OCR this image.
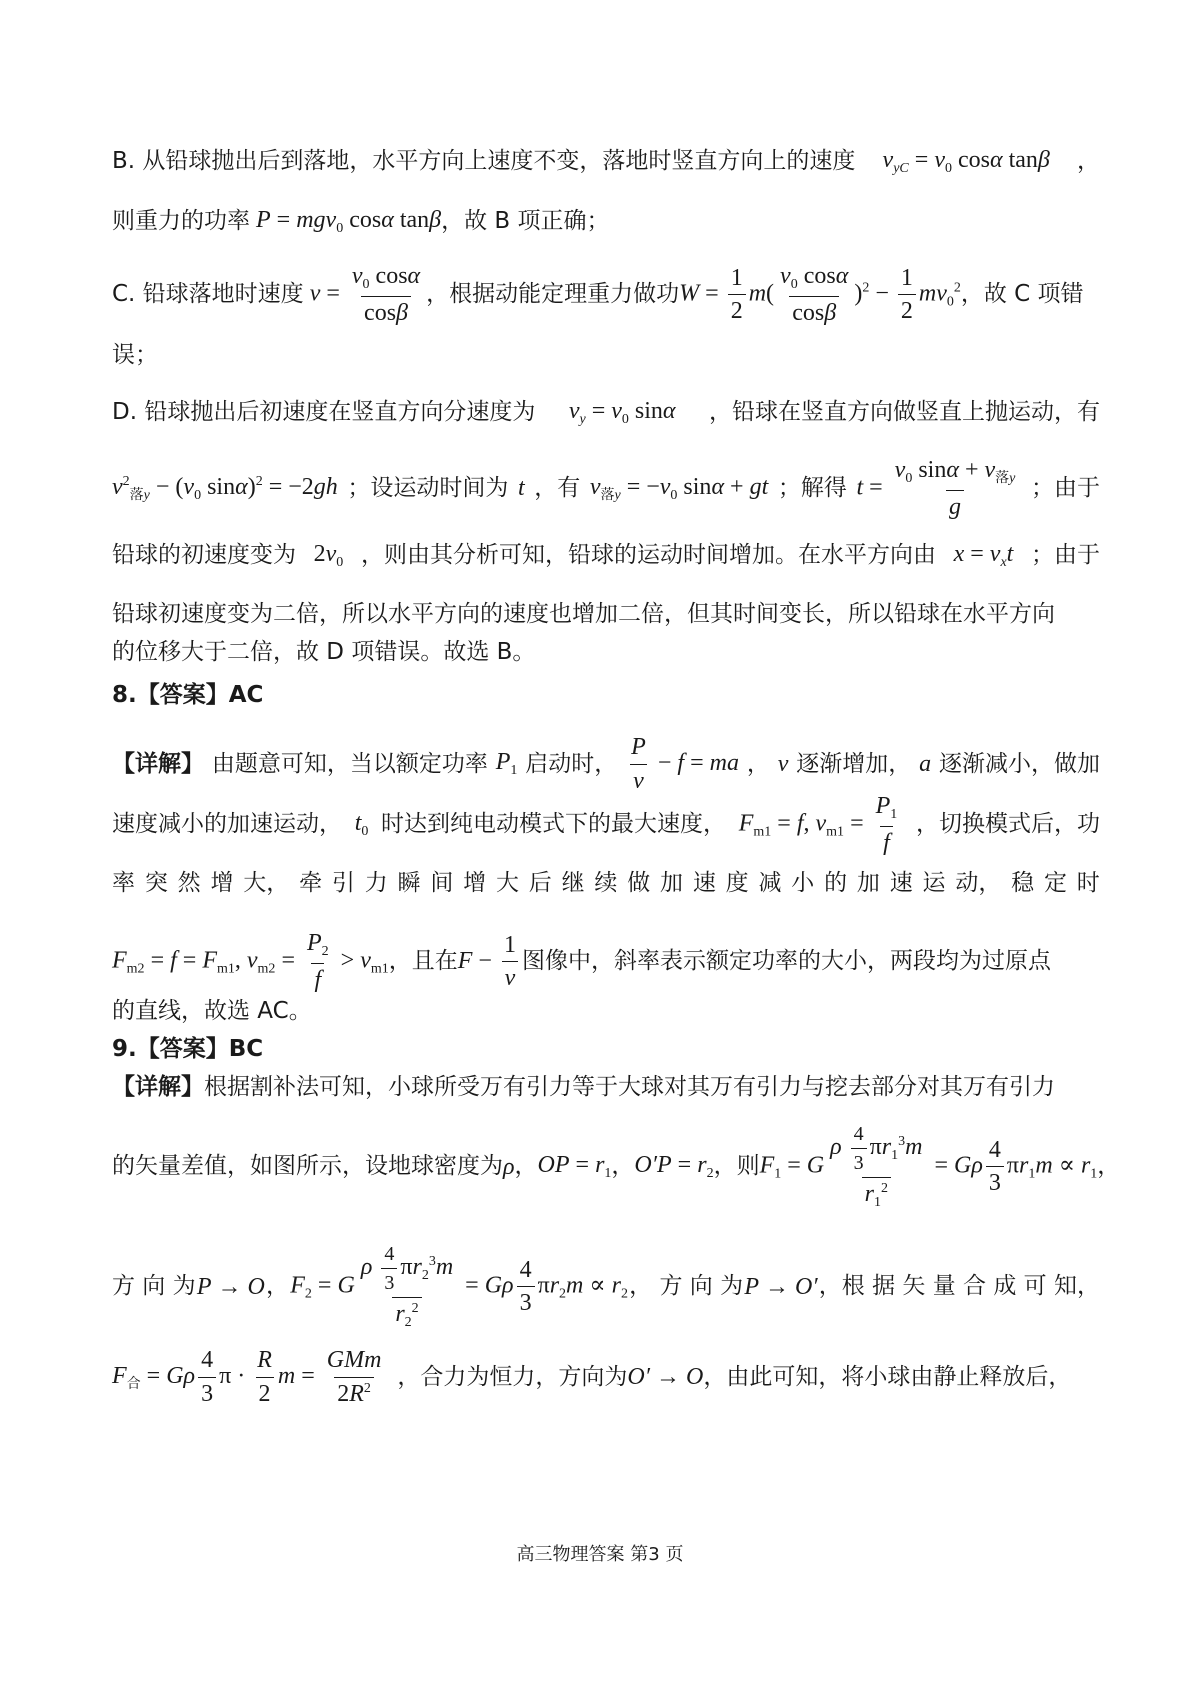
B. 从铅球抛出后到落地，水平方向上速度不变，落地时竖直方向上的速度 $v_{yC} = v_0$ cosα tanβ ，
则重力的功率 P = mgv$_0$ cosα tanβ ，故 B 项正确；
C. 铅球落地时速度 $v = \frac{v_0 \cos\alpha}{\cos\beta}$ ，根据动能定理重力做功 $W = \frac{1}{2} m( \frac{v_0 \cos\alpha}{\cos\beta} )^2 - \frac{1}{2} mv_0^2$ ，故 C 项错
误；
D. 铅球抛出后初速度在竖直方向分速度为 $v_y = v_0$ sinα ，铅球在竖直方向做竖直上抛运动，有
$v^2_{落y} - (v_0$ sinα)$^2$ = −2gh ；设运动时间为 t ，有 $v_{落y} = -v_0$ sinα + gt ；解得 $t = \frac{v_0 \sin\alpha + v_{落y}}{g}$ ；由于
铅球的初速度变为 $2v_0$ ，则由其分析可知，铅球的运动时间增加。在水平方向由 $x = v_xt$ ；由于
铅球初速度变为二倍，所以水平方向的速度也增加二倍，但其时间变长，所以铅球在水平方向
的位移大于二倍，故 D 项错误。故选 B。
8.【答案】AC
【详解】 由题意可知，当以额定功率 $P_1$ 启动时， $\frac{P}{v} - f$ = ma ， v 逐渐增加， a 逐渐减小，做加
速度减小的加速运动， $t_0$ 时达到纯电动模式下的最大速度， $F_{m1} = f$, $v_{m1} = \frac{P_1}{f}$ ，切换模式后，功
率 突 然 增 大， 牵 引 力 瞬 间 增 大 后 继 续 做 加 速 度 减 小 的 加 速 运 动， 稳 定 时
$F_{m2} = f = F_{m1}$, $v_{m2} = \frac{P_2}{f} > v_{m1}$ ，且在 $F - \frac{1}{v}$ 图像中，斜率表示额定功率的大小，两段均为过原点
的直线，故选 AC。
9.【答案】BC
【详解】 根据割补法可知，小球所受万有引力等于大球对其万有引力与挖去部分对其万有引力
的矢量差值，如图所示，设地球密度为 ρ ， OP = $r_1$ ， $O'P = r_2$ ，则 $F_1 = G \frac{\rho \frac{4}{3} \pi r_1^3m}{r_1^2} = G\rho \frac{4}{3} \pi r_1m \propto r_1$ ，
方 向 为 P → O ， $F_2 = G \frac{\rho \frac{4}{3} \pi r_2^3m}{r_2^2} = G\rho \frac{4}{3} \pi r_2m \propto r_2$ ， 方 向 为 P → O′ ，根 据 矢 量 合 成 可 知，
$F_合 = G\rho \frac{4}{3}$ $\pi \cdot \frac{R}{2}$ $m = \frac{\text{GMm}}{2R^2}$ ，合力为恒力，方向为 O′ → O ，由此可知，将小球由静止释放后，
高三物理答案 第3 页
